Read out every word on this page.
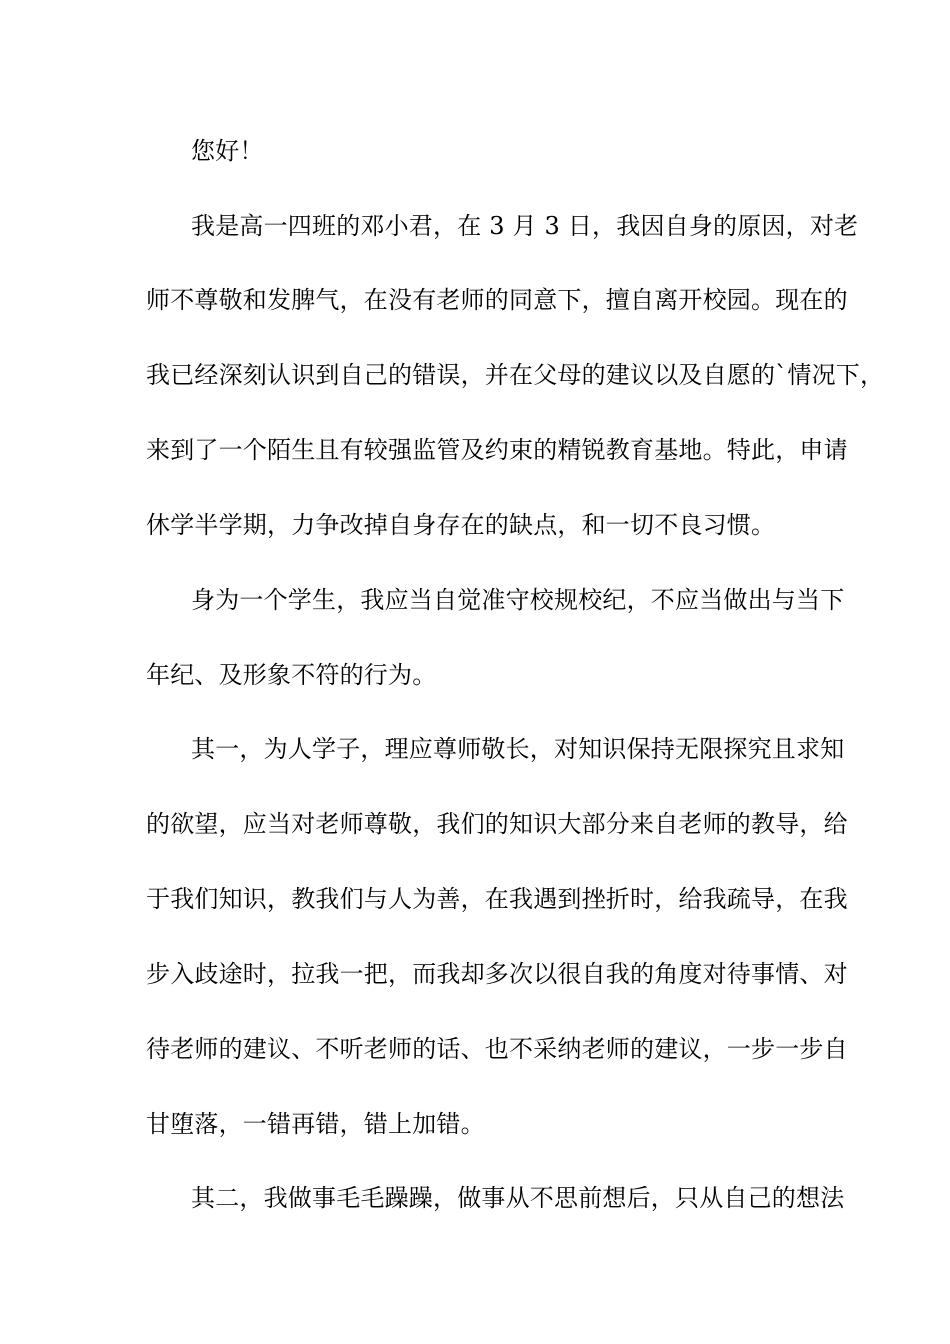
您好！
我是高一四班的邓小君，在 3 月 3 日，我因自身的原因，对老
师不尊敬和发脾气，在没有老师的同意下，擅自离开校园。现在的
我已经深刻认识到自己的错误，并在父母的建议以及自愿的`情况下，
来到了一个陌生且有较强监管及约束的精锐教育基地。特此，申请
休学半学期，力争改掉自身存在的缺点，和一切不良习惯。
身为一个学生，我应当自觉准守校规校纪，不应当做出与当下
年纪、及形象不符的行为。
其一，为人学子，理应尊师敬长，对知识保持无限探究且求知
的欲望，应当对老师尊敬，我们的知识大部分来自老师的教导，给
于我们知识，教我们与人为善，在我遇到挫折时，给我疏导，在我
步入歧途时，拉我一把，而我却多次以很自我的角度对待事情、对
待老师的建议、不听老师的话、也不采纳老师的建议，一步一步自
甘堕落，一错再错，错上加错。
其二，我做事毛毛躁躁，做事从不思前想后，只从自己的想法
